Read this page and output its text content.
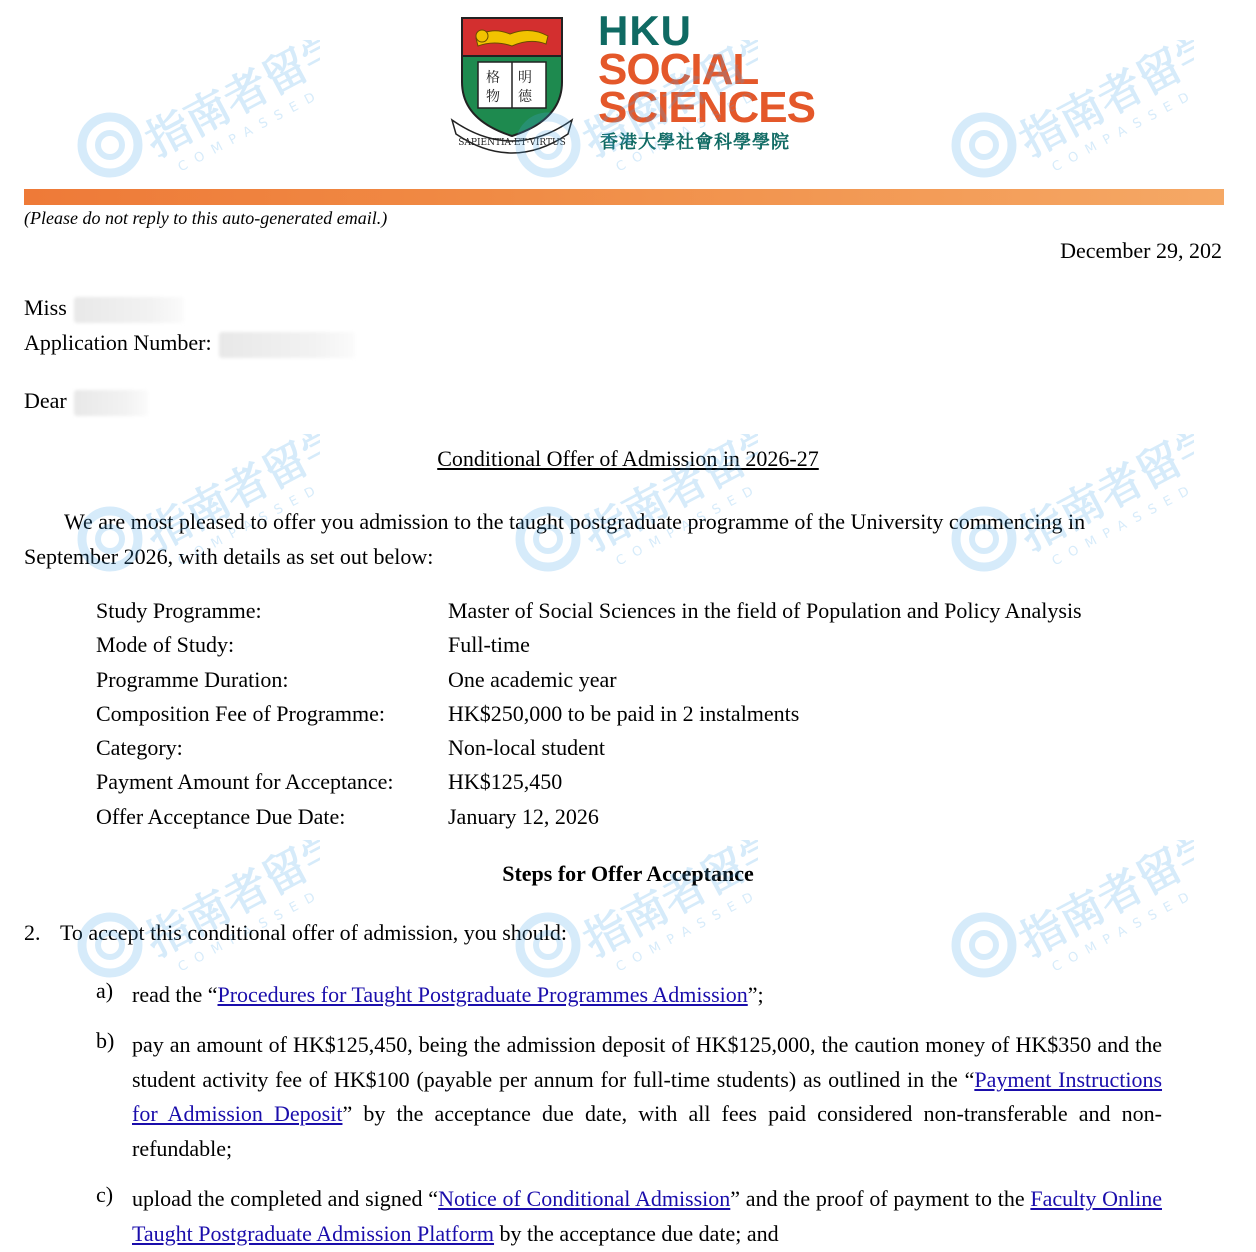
格 明
物 德
SAPIENTIA·ET·VIRTUS
HKU
SOCIAL
SCIENCES
香港大學社會科學學院
(Please do not reply to this auto-generated email.)
December 29, 202
Miss
Application Number:
Dear
Conditional Offer of Admission in 2026-27
We are most pleased to offer you admission to the taught postgraduate programme of the University commencing in September 2026, with details as set out below:
Study Programme:	Master of Social Sciences in the field of Population and Policy Analysis
Mode of Study:	Full-time
Programme Duration:	One academic year
Composition Fee of Programme:	HK$250,000 to be paid in 2 instalments
Category:	Non-local student
Payment Amount for Acceptance: HK$125,450
Offer Acceptance Due Date:	January 12, 2026
Steps for Offer Acceptance
2. To accept this conditional offer of admission, you should:
a) read the “Procedures for Taught Postgraduate Programmes Admission”;
b) pay an amount of HK$125,450, being the admission deposit of HK$125,000, the caution money of HK$350 and the student activity fee of HK$100 (payable per annum for full-time students) as outlined in the “Payment Instructions for Admission Deposit” by the acceptance due date, with all fees paid considered non-transferable and non-refundable;
c) upload the completed and signed “Notice of Conditional Admission” and the proof of payment to the Faculty Online Taught Postgraduate Admission Platform by the acceptance due date; and
